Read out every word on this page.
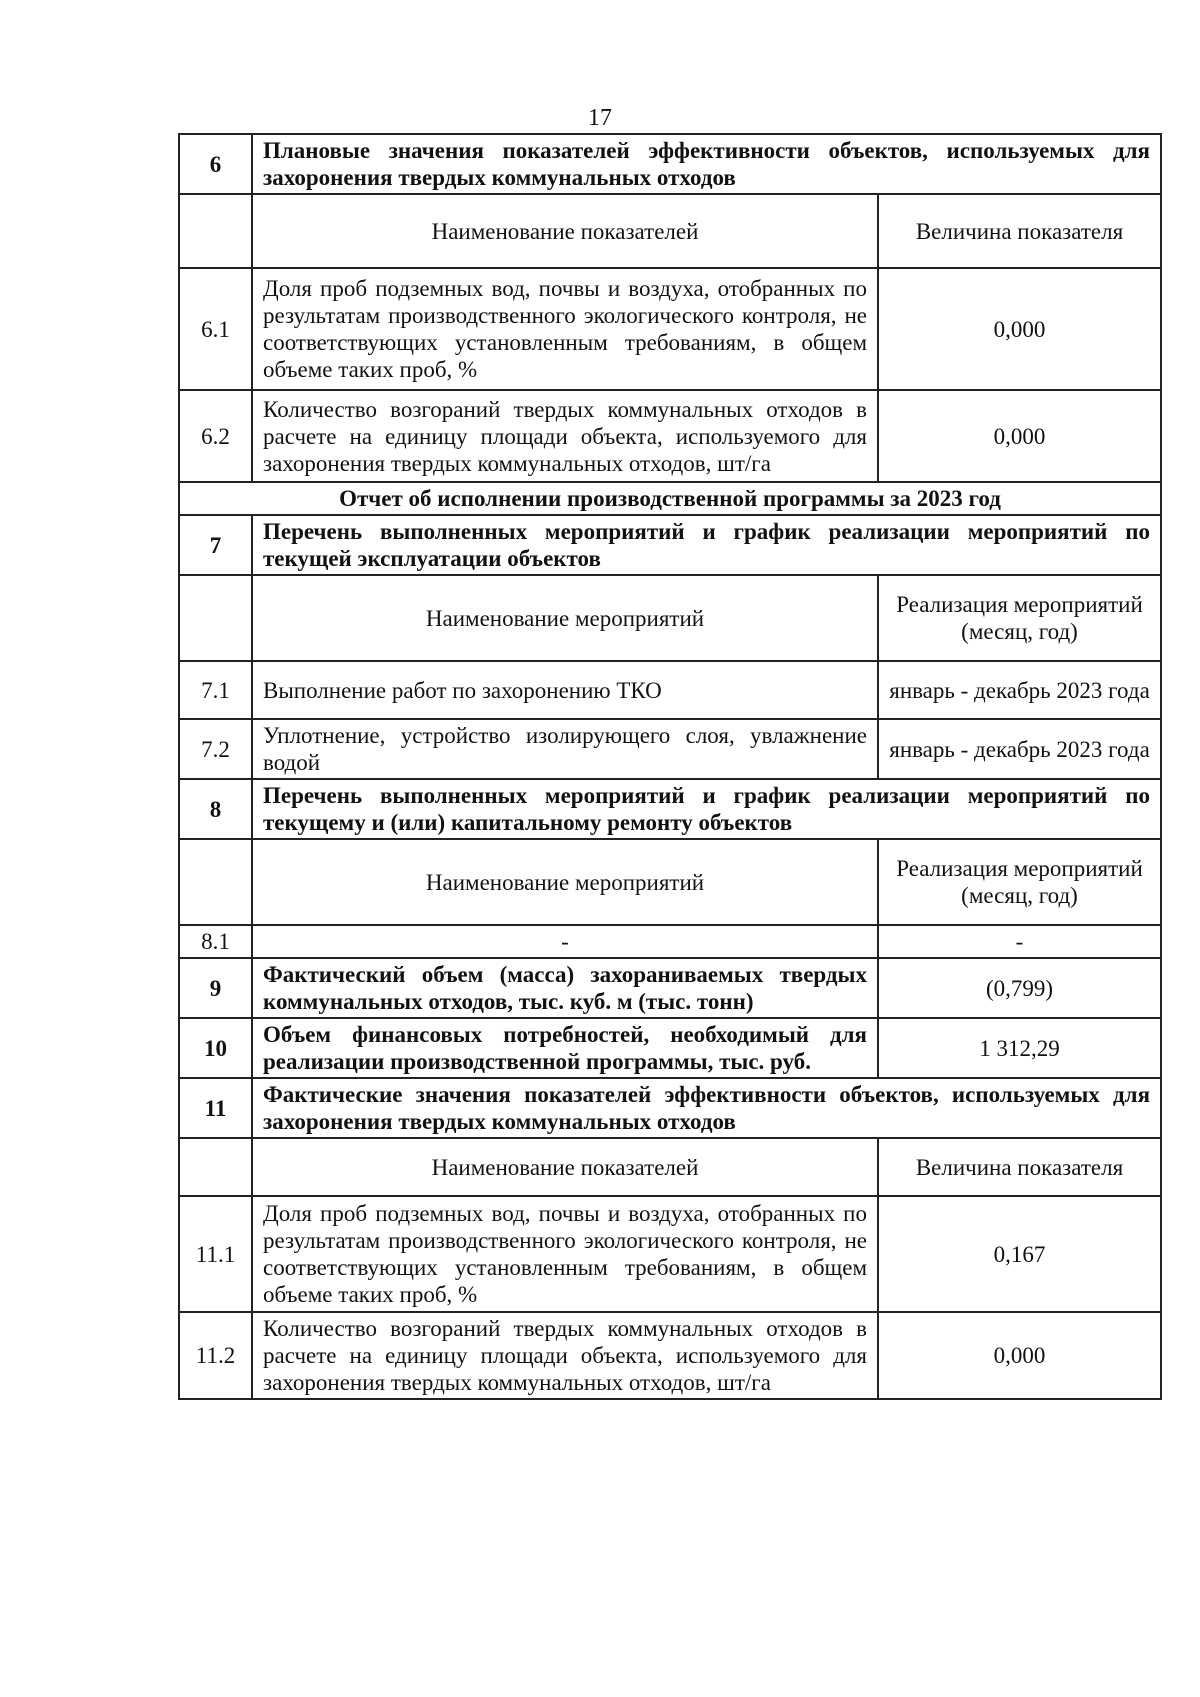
17
6	Плановые значения показателей эффективности объектов, используемых для захоронения твердых коммунальных отходов	
	Наименование показателей	Величина показателя
6.1	Доля проб подземных вод, почвы и воздуха, отобранных по результатам производственного экологического контроля, не соответствующих установленным требованиям, в общем объеме таких проб, %	0,000
6.2	Количество возгораний твердых коммунальных отходов в расчете на единицу площади объекта, используемого для захоронения твердых коммунальных отходов, шт/га	0,000
Отчет об исполнении производственной программы за 2023 год		
7	Перечень выполненных мероприятий и график реализации мероприятий по текущей эксплуатации объектов	
	Наименование мероприятий	Реализация мероприятий (месяц, год)
7.1	Выполнение работ по захоронению ТКО	январь - декабрь 2023 года
7.2	Уплотнение, устройство изолирующего слоя, увлажнение водой	январь - декабрь 2023 года
8	Перечень выполненных мероприятий и график реализации мероприятий по текущему и (или) капитальному ремонту объектов	
	Наименование мероприятий	Реализация мероприятий (месяц, год)
8.1	-	-
9	Фактический объем (масса) захораниваемых твердых коммунальных отходов, тыс. куб. м (тыс. тонн)	(0,799)
10	Объем финансовых потребностей, необходимый для реализации производственной программы, тыс. руб.	1 312,29
11	Фактические значения показателей эффективности объектов, используемых для захоронения твердых коммунальных отходов	
	Наименование показателей	Величина показателя
11.1	Доля проб подземных вод, почвы и воздуха, отобранных по результатам производственного экологического контроля, не соответствующих установленным требованиям, в общем объеме таких проб, %	0,167
11.2	Количество возгораний твердых коммунальных отходов в расчете на единицу площади объекта, используемого для захоронения твердых коммунальных отходов, шт/га	0,000
